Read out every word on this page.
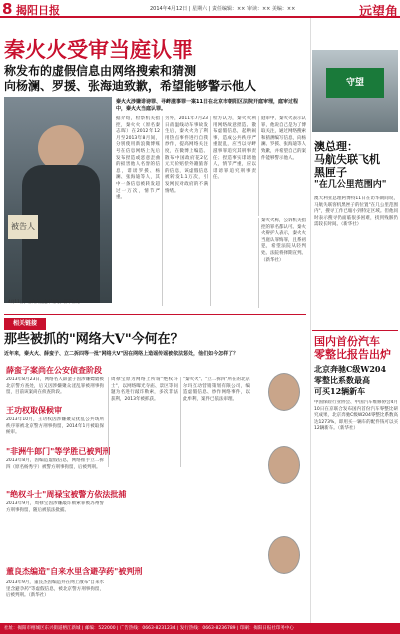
8 揭阳日报	2014年4月12日 | 星期六 | 责任编辑：×× 审读：×× 美编：××	远望角
秦火火受审当庭认罪
称发布的虚假信息由网络搜索和猜测
向杨澜、罗援、张海迪致歉，希望能够警示他人
被告人
4月11日，秦火火在庭审现场。新华社发
秦火火涉嫌诽谤罪、寻衅滋事罪一案11日在北京市朝阳区法院开庭审理，庭审过程中，秦火火当庭认罪。
据介绍，检察机关指控，秦火火（原名秦志晖）在2012年12月至2013年8月间，分别使用新浪微博账号在信息网络上先后发布捏造或恶意歪曲的损害他人名誉的信息，诽谤罗援、杨澜、张海迪等人，其中一条信息被转发超过一万次，情节严重。
另外，2011年7月23日甬温线动车事故发生后，秦火火为了利用热点事件进行自我炒作，提高网络关注度，在微博上编造、散布中国政府花2亿元天价赔偿外籍旅客的信息，该虚假信息被转发1.1万次，引发网民对政府的不满情绪。
检方认为，秦火火利用网络故意捏造、散布虚假信息，起哄闹事，造成公共秩序严重混乱，应当以寻衅滋事罪追究其刑事责任；捏造事实诽谤他人，情节严重，应以诽谤罪追究刑事责任。
庭审中，秦火火表示认罪，他说自己是为了博取关注，通过网络搜索和猜测编写信息，向杨澜、罗援、张海迪等人致歉，并希望自己的案件能够警示他人。
秦火火称，公诉机关指控的罪名都认可。秦火火辩护人表示，秦火火当庭认罪悔罪，且系初犯，希望法院从轻判处。法院将择期宣判。（新华社）
相关链接
那些被抓的"网络大V"今何在？
近年来，秦火火、薛蛮子、立二拆四等一批"网络大V"因在网络上造谣传谣被依法惩处，他们如今怎样了？
薛蛮子案尚在公安侦查阶段
2013年8月23日，网络名人薛蛮子因涉嫌嫖娼被北京警方查处，后又因涉嫌聚众淫乱罪被刑事拘留，目前该案尚在侦查阶段。
王功权取保候审
2013年10月，王功权因涉嫌聚众扰乱公共场所秩序罪被北京警方刑事拘留，2014年1月被取保候审。
"非洲牛郎门"等学胜已被判刑
2013年8月，因编造虚假信息，网络推手立二拆四（原名杨秀宇）被警方刑事拘留，后被判刑。
"绝权斗士"周禄宝被警方依法批捕
2013年9月，周禄宝因涉嫌敲诈勒索罪被苏州警方刑事拘留，随后被依法批捕。
董良杰编造"自来水里含避孕药"被判刑
2013年9月，董良杰因编造并在网上散布"自来水里含避孕药"等虚假信息，被北京警方刑事拘留，后被判刑。（新华社）
周禄宝原为网络上所谓"绝权斗士"，以网络曝光寺庙、景区等问题为名进行敲诈勒索，多次非法获利，2013年被抓获。
"秦火火"、"立二拆四"所在的北京尔玛互动营销策划有限公司，编造虚假信息、炒作网络事件，以此牟利，案件已依法审理。
守望
澳总理：
马航失联飞机
黑匣子
"在几公里范围内"
澳大利亚总理阿博特11日在访华期间说，马航失联客机黑匣子的位置"在几公里范围内"，搜寻工作已缩小到特定区域。但他同时表示搜寻仍面临很多困难，找到残骸仍需较长时间。（新华社）
国内首份汽车
零整比报告出炉
北京奔驰C级W204
零整比系数最高
可买12辆新车
中国保险行业协会、中国汽车维修协会4月10日在京联合发布国内首份汽车零整比研究成果，北京奔驰C级W204零整比系数高达1273%，即用买一辆车的配件钱可以买12辆新车。（新华社）
社址：揭阳市榕城区东兴街道榕江新城 | 邮编：522000 | 广告热线：0663-8231234 | 发行热线：0663-8236789 | 印刷：揭阳日报社印务中心
